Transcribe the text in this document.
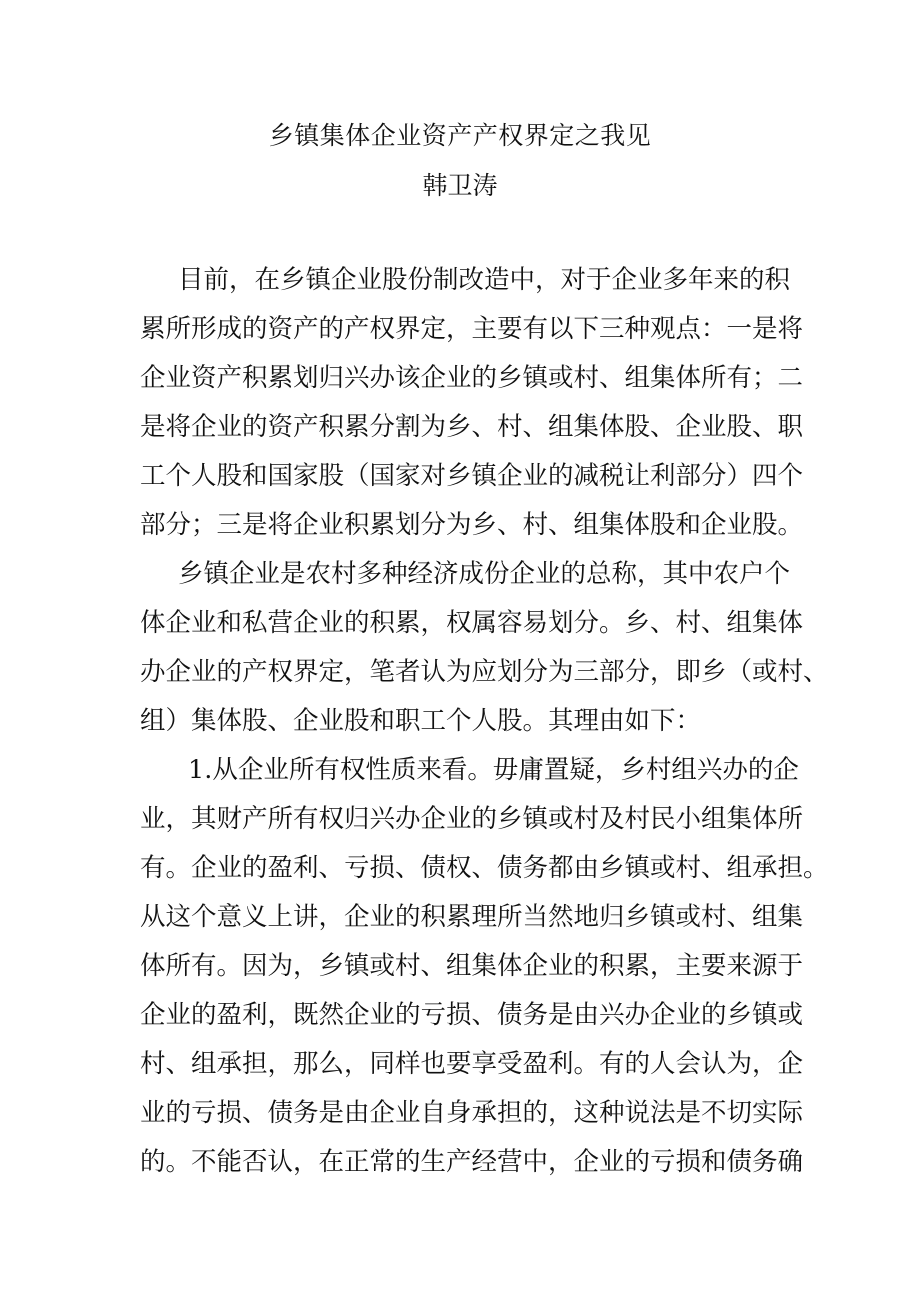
乡镇集体企业资产产权界定之我见
韩卫涛
目前，在乡镇企业股份制改造中，对于企业多年来的积
累所形成的资产的产权界定，主要有以下三种观点：一是将
企业资产积累划归兴办该企业的乡镇或村、组集体所有；二
是将企业的资产积累分割为乡、村、组集体股、企业股、职
工个人股和国家股（国家对乡镇企业的减税让利部分）四个
部分；三是将企业积累划分为乡、村、组集体股和企业股。
乡镇企业是农村多种经济成份企业的总称，其中农户个
体企业和私营企业的积累，权属容易划分。乡、村、组集体
办企业的产权界定，笔者认为应划分为三部分，即乡（或村、
组）集体股、企业股和职工个人股。其理由如下：
1.从企业所有权性质来看。毋庸置疑，乡村组兴办的企
业，其财产所有权归兴办企业的乡镇或村及村民小组集体所
有。企业的盈利、亏损、债权、债务都由乡镇或村、组承担。
从这个意义上讲，企业的积累理所当然地归乡镇或村、组集
体所有。因为，乡镇或村、组集体企业的积累，主要来源于
企业的盈利，既然企业的亏损、债务是由兴办企业的乡镇或
村、组承担，那么，同样也要享受盈利。有的人会认为，企
业的亏损、债务是由企业自身承担的，这种说法是不切实际
的。不能否认，在正常的生产经营中，企业的亏损和债务确
